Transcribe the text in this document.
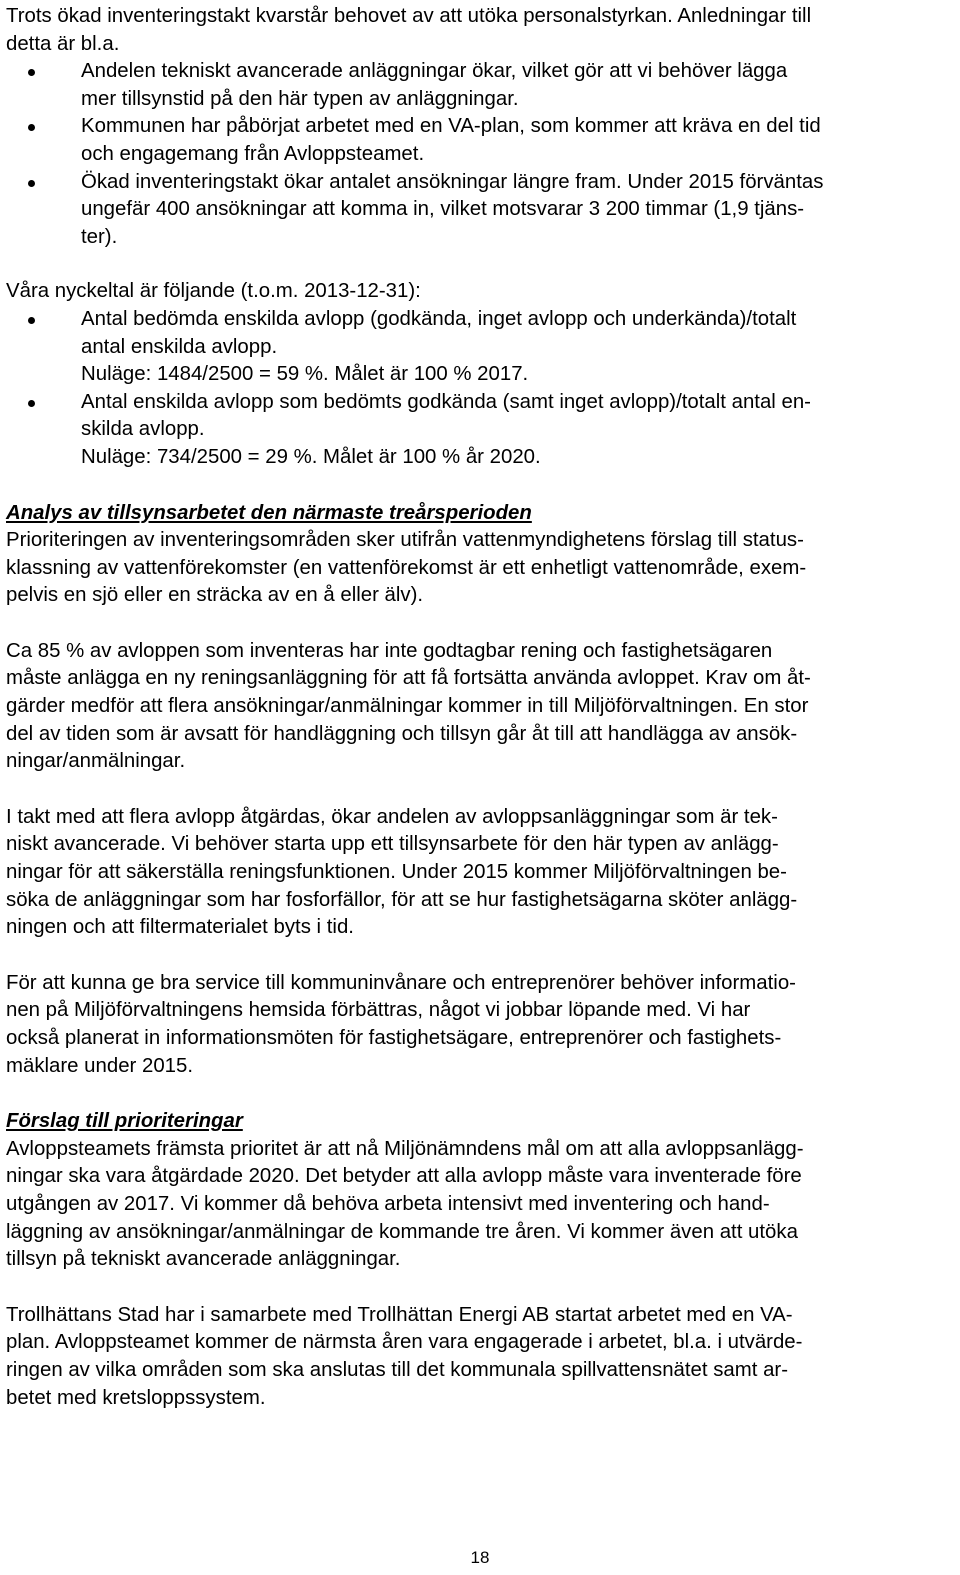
Trots ökad inventeringstakt kvarstår behovet av att utöka personalstyrkan. Anledningar till
detta är bl.a.

Andelen tekniskt avancerade anläggningar ökar, vilket gör att vi behöver lägga
mer tillsynstid på den här typen av anläggningar.
Kommunen har påbörjat arbetet med en VA-plan, som kommer att kräva en del tid
och engagemang från Avloppsteamet.
Ökad inventeringstakt ökar antalet ansökningar längre fram. Under 2015 förväntas
ungefär 400 ansökningar att komma in, vilket motsvarar 3 200 timmar (1,9 tjäns-
ter).

Våra nyckeltal är följande (t.o.m. 2013-12-31):

Antal bedömda enskilda avlopp (godkända, inget avlopp och underkända)/totalt
antal enskilda avlopp.
Nuläge: 1484/2500 = 59 %. Målet är 100 % 2017.
Antal enskilda avlopp som bedömts godkända (samt inget avlopp)/totalt antal en-
skilda avlopp.
Nuläge: 734/2500 = 29 %. Målet är 100 % år 2020.

Analys av tillsynsarbetet den närmaste treårsperioden
Prioriteringen av inventeringsområden sker utifrån vattenmyndighetens förslag till status-
klassning av vattenförekomster (en vattenförekomst är ett enhetligt vattenområde, exem-
pelvis en sjö eller en sträcka av en å eller älv).

Ca 85 % av avloppen som inventeras har inte godtagbar rening och fastighetsägaren
måste anlägga en ny reningsanläggning för att få fortsätta använda avloppet. Krav om åt-
gärder medför att flera ansökningar/anmälningar kommer in till Miljöförvaltningen. En stor
del av tiden som är avsatt för handläggning och tillsyn går åt till att handlägga av ansök-
ningar/anmälningar.

I takt med att flera avlopp åtgärdas, ökar andelen av avloppsanläggningar som är tek-
niskt avancerade. Vi behöver starta upp ett tillsynsarbete för den här typen av anlägg-
ningar för att säkerställa reningsfunktionen. Under 2015 kommer Miljöförvaltningen be-
söka de anläggningar som har fosforfällor, för att se hur fastighetsägarna sköter anlägg-
ningen och att filtermaterialet byts i tid.

För att kunna ge bra service till kommuninvånare och entreprenörer behöver informatio-
nen på Miljöförvaltningens hemsida förbättras, något vi jobbar löpande med. Vi har
också planerat in informationsmöten för fastighetsägare, entreprenörer och fastighets-
mäklare under 2015.

Förslag till prioriteringar
Avloppsteamets främsta prioritet är att nå Miljönämndens mål om att alla avloppsanlägg-
ningar ska vara åtgärdade 2020. Det betyder att alla avlopp måste vara inventerade före
utgången av 2017. Vi kommer då behöva arbeta intensivt med inventering och hand-
läggning av ansökningar/anmälningar de kommande tre åren. Vi kommer även att utöka
tillsyn på tekniskt avancerade anläggningar.

Trollhättans Stad har i samarbete med Trollhättan Energi AB startat arbetet med en VA-
plan. Avloppsteamet kommer de närmsta åren vara engagerade i arbetet, bl.a. i utvärde-
ringen av vilka områden som ska anslutas till det kommunala spillvattensnätet samt ar-
betet med kretsloppssystem.

18
